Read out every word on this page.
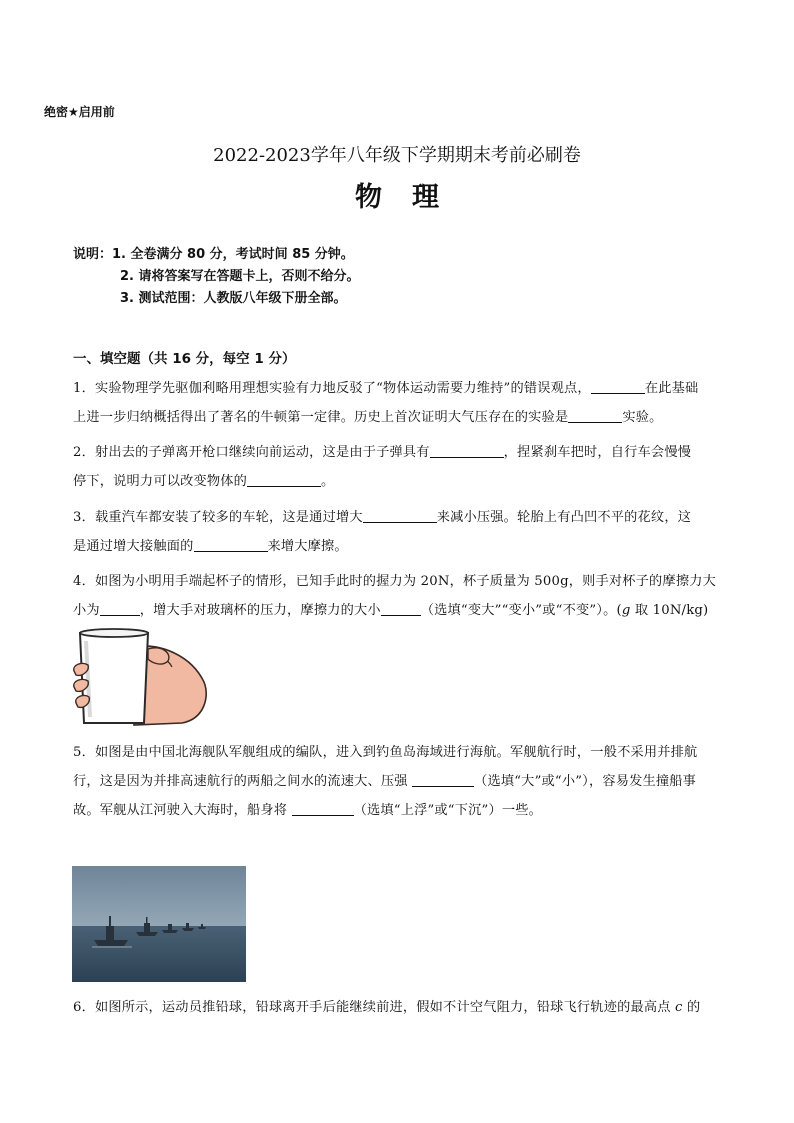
绝密★启用前
2022-2023学年八年级下学期期末考前必刷卷
物理
说明：1. 全卷满分 80 分，考试时间 85 分钟。
2. 请将答案写在答题卡上，否则不给分。
3. 测试范围：人教版八年级下册全部。
一、填空题（共 16 分，每空 1 分）
1．实验物理学先驱伽利略用理想实验有力地反驳了“物体运动需要力维持”的错误观点，	在此基础
上进一步归纳概括得出了著名的牛顿第一定律。历史上首次证明大气压存在的实验是	实验。
2．射出去的子弹离开枪口继续向前运动，这是由于子弹具有	，捏紧刹车把时，自行车会慢慢
停下，说明力可以改变物体的	。
3．载重汽车都安装了较多的车轮，这是通过增大	来减小压强。轮胎上有凸凹不平的花纹，这
是通过增大接触面的	来增大摩擦。
4．如图为小明用手端起杯子的情形，已知手此时的握力为 20N，杯子质量为 500g，则手对杯子的摩擦力大
小为	，增大手对玻璃杯的压力，摩擦力的大小	（选填“变大”“变小”或“不变”）。(g 取 10N/kg)
5．如图是由中国北海舰队军舰组成的编队，进入到钓鱼岛海域进行海航。军舰航行时，一般不采用并排航
行，这是因为并排高速航行的两船之间水的流速大、压强	（选填“大”或“小”），容易发生撞船事
故。军舰从江河驶入大海时，船身将	（选填“上浮”或“下沉”）一些。
6．如图所示，运动员推铅球，铅球离开手后能继续前进，假如不计空气阻力，铅球飞行轨迹的最高点 c 的
